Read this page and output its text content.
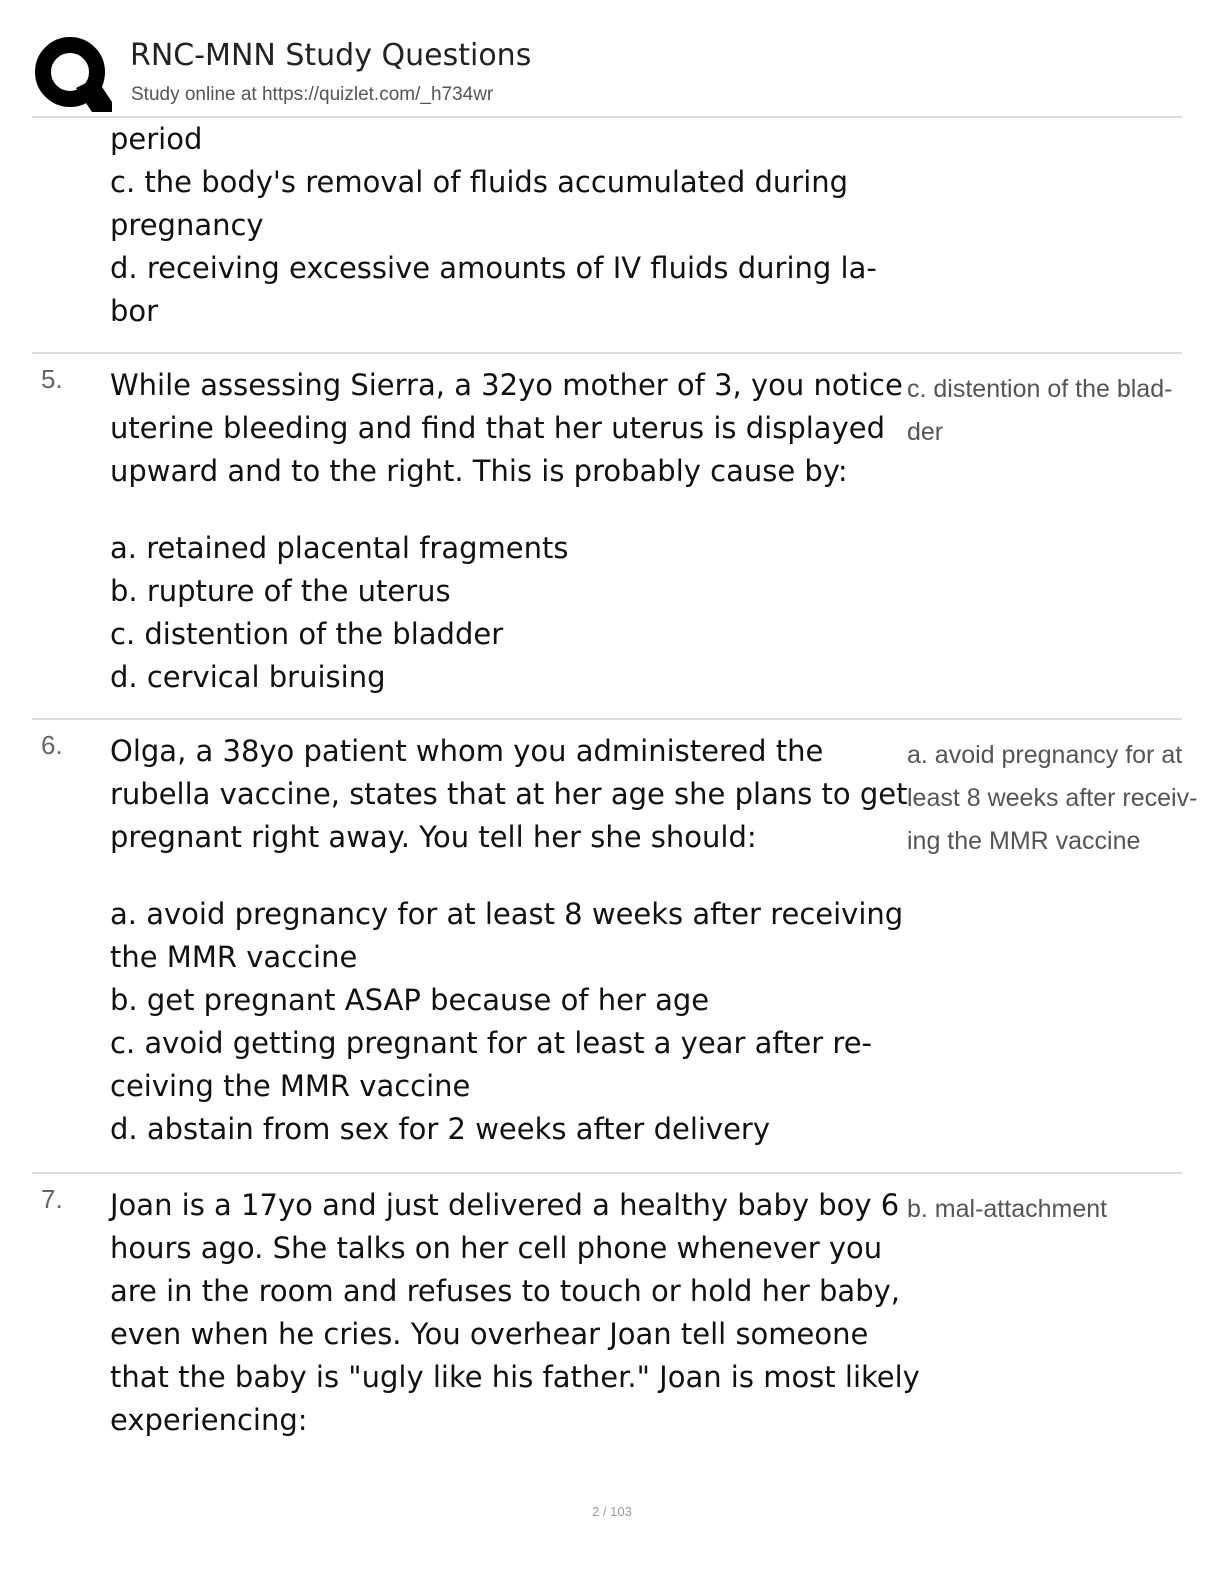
RNC-MNN Study Questions
Study online at https://quizlet.com/_h734wr
period
c. the body's removal of fluids accumulated during
pregnancy
d. receiving excessive amounts of IV fluids during la-
bor
5. While assessing Sierra, a 32yo mother of 3, you notice
uterine bleeding and find that her uterus is displayed
upward and to the right. This is probably cause by:
a. retained placental fragments
b. rupture of the uterus
c. distention of the bladder
d. cervical bruising
c. distention of the blad-
der
6. Olga, a 38yo patient whom you administered the
rubella vaccine, states that at her age she plans to get
pregnant right away. You tell her she should:
a. avoid pregnancy for at least 8 weeks after receiving
the MMR vaccine
b. get pregnant ASAP because of her age
c. avoid getting pregnant for at least a year after re-
ceiving the MMR vaccine
d. abstain from sex for 2 weeks after delivery
a. avoid pregnancy for at
least 8 weeks after receiv-
ing the MMR vaccine
7. Joan is a 17yo and just delivered a healthy baby boy 6
hours ago. She talks on her cell phone whenever you
are in the room and refuses to touch or hold her baby,
even when he cries. You overhear Joan tell someone
that the baby is "ugly like his father." Joan is most likely
experiencing:
b. mal-attachment
2 / 103
